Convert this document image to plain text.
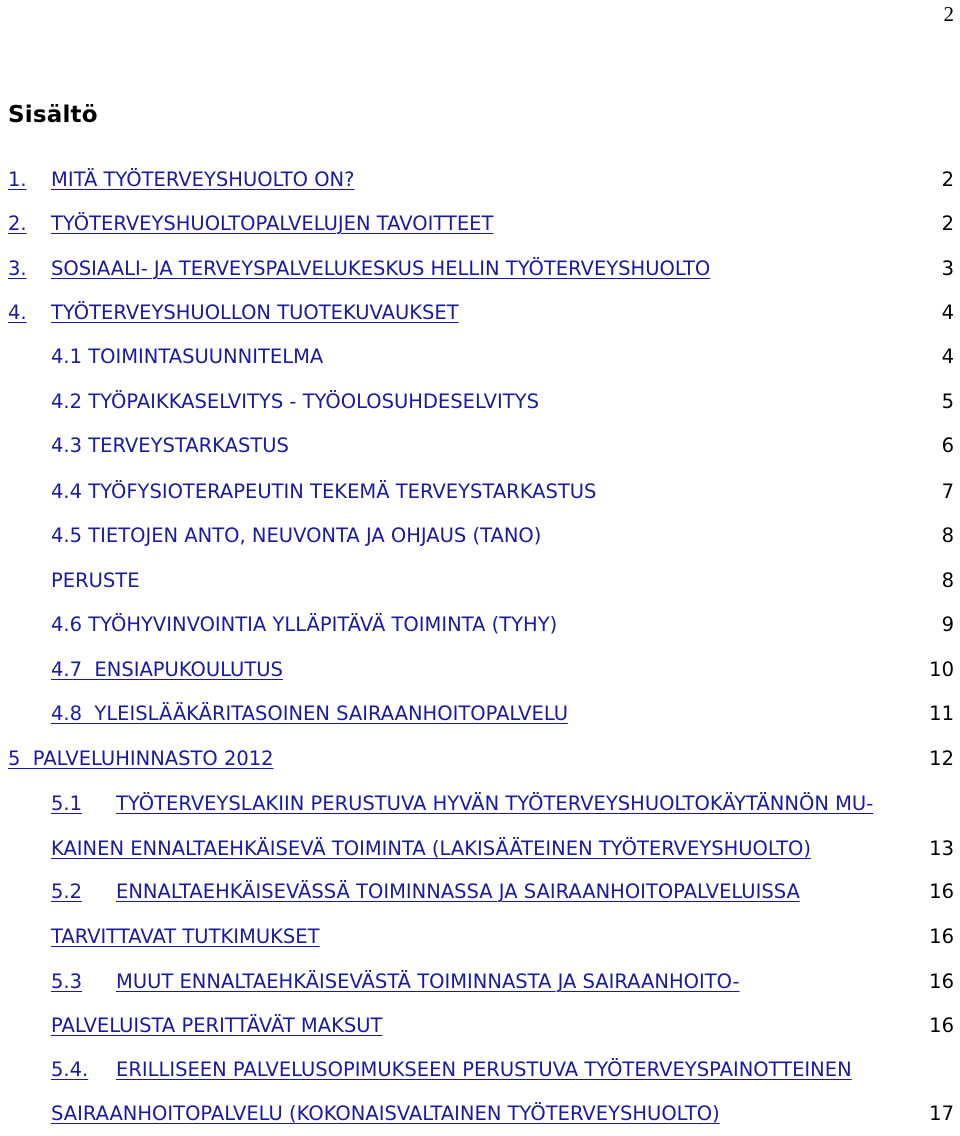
2
Sisältö
1. MITÄ TYÖTERVEYSHUOLTO ON?	2
2. TYÖTERVEYSHUOLTOPALVELUJEN TAVOITTEET	2
3. SOSIAALI- JA TERVEYSPALVELUKESKUS HELLIN TYÖTERVEYSHUOLTO	3
4. TYÖTERVEYSHUOLLON TUOTEKUVAUKSET	4
4.1 TOIMINTASUUNNITELMA	4
4.2 TYÖPAIKKASELVITYS - TYÖOLOSUHDESELVITYS	5
4.3 TERVEYSTARKASTUS	6
4.4 TYÖFYSIOTERAPEUTIN TEKEMÄ TERVEYSTARKASTUS	7
4.5 TIETOJEN ANTO, NEUVONTA JA OHJAUS (TANO)	8
PERUSTE	8
4.6 TYÖHYVINVOINTIA YLLÄPITÄVÄ TOIMINTA (TYHY)	9
4.7  ENSIAPUKOULUTUS	10
4.8  YLEISLÄÄKÄRITASOINEN SAIRAANHOITOPALVELU	11
5  PALVELUHINNASTO 2012	12
5.1 TYÖTERVEYSLAKIIN PERUSTUVA HYVÄN TYÖTERVEYSHUOLTOKÄYTÄNNÖN MU-
KAINEN ENNALTAEHKÄISEVÄ TOIMINTA (LAKISÄÄTEINEN TYÖTERVEYSHUOLTO)	13
5.2 ENNALTAEHKÄISEVÄSSÄ TOIMINNASSA JA SAIRAANHOITOPALVELUISSA	16
TARVITTAVAT TUTKIMUKSET	16
5.3 MUUT ENNALTAEHKÄISEVÄSTÄ TOIMINNASTA JA SAIRAANHOITO-	16
PALVELUISTA PERITTÄVÄT MAKSUT	16
5.4. ERILLISEEN PALVELUSOPIMUKSEEN PERUSTUVA TYÖTERVEYSPAINOTTEINEN
SAIRAANHOITOPALVELU (KOKONAISVALTAINEN TYÖTERVEYSHUOLTO)	17
